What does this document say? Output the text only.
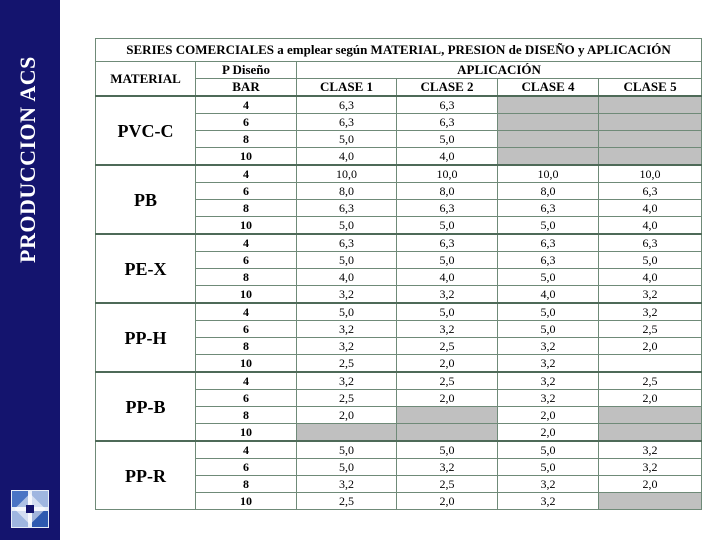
PRODUCCION ACS
SERIES COMERCIALES a emplear según MATERIAL, PRESION de DISEÑO y APLICACIÓN					
MATERIAL	P Diseño	APLICACIÓN			
	BAR	CLASE 1	CLASE 2	CLASE 4	CLASE 5
PVC-C	4	6,3	6,3		
	6	6,3	6,3		
	8	5,0	5,0		
	10	4,0	4,0		
PB	4	10,0	10,0	10,0	10,0
	6	8,0	8,0	8,0	6,3
	8	6,3	6,3	6,3	4,0
	10	5,0	5,0	5,0	4,0
PE-X	4	6,3	6,3	6,3	6,3
	6	5,0	5,0	6,3	5,0
	8	4,0	4,0	5,0	4,0
	10	3,2	3,2	4,0	3,2
PP-H	4	5,0	5,0	5,0	3,2
	6	3,2	3,2	5,0	2,5
	8	3,2	2,5	3,2	2,0
	10	2,5	2,0	3,2	
PP-B	4	3,2	2,5	3,2	2,5
	6	2,5	2,0	3,2	2,0
	8	2,0		2,0	
	10			2,0	
PP-R	4	5,0	5,0	5,0	3,2
	6	5,0	3,2	5,0	3,2
	8	3,2	2,5	3,2	2,0
	10	2,5	2,0	3,2	
